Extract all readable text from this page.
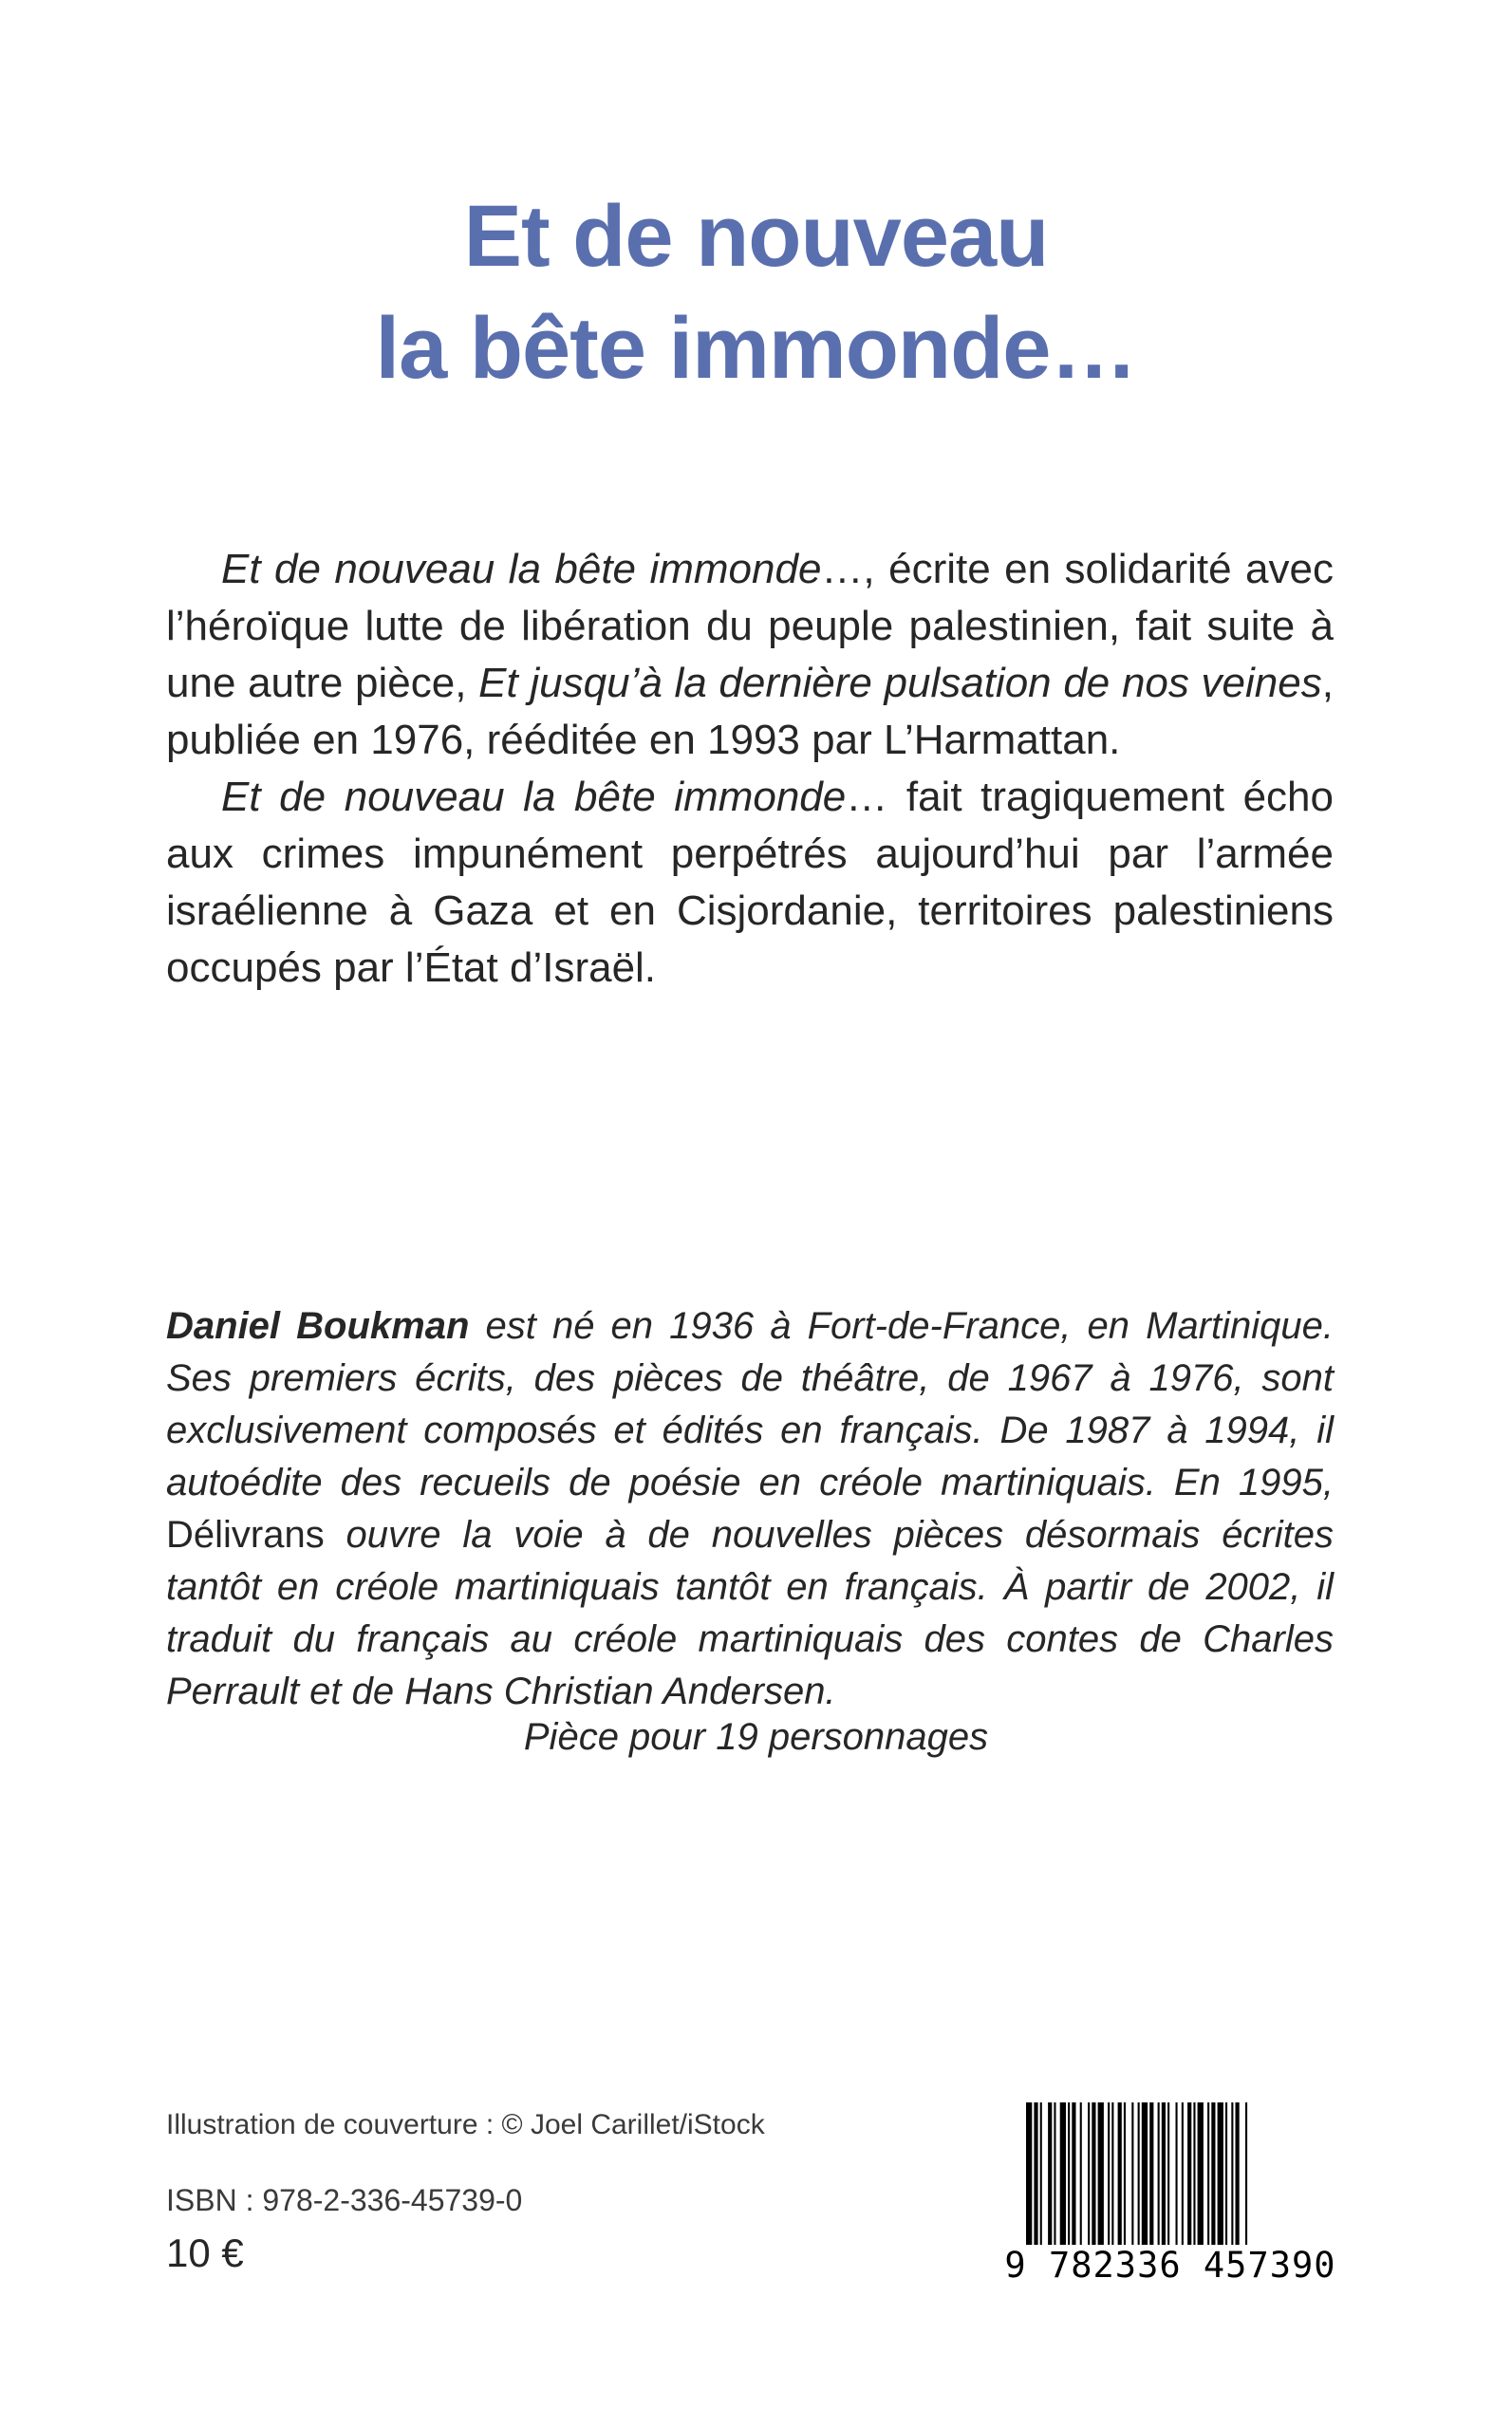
Et de nouveau
la bête immonde…

Et de nouveau la bête immonde…, écrite en solidarité avec l’héroïque lutte de libération du peuple palestinien, fait suite à une autre pièce, Et jusqu’à la dernière pulsation de nos veines, publiée en 1976, rééditée en 1993 par L’Harmattan.

Et de nouveau la bête immonde… fait tragiquement écho aux crimes impunément perpétrés aujourd’hui par l’armée israélienne à Gaza et en Cisjordanie, territoires palestiniens occupés par l’État d’Israël.

Daniel Boukman est né en 1936 à Fort-de-France, en Martinique. Ses premiers écrits, des pièces de théâtre, de 1967 à 1976, sont exclusivement composés et édités en français. De 1987 à 1994, il autoédite des recueils de poésie en créole martiniquais. En 1995, Délivrans ouvre la voie à de nouvelles pièces désormais écrites tantôt en créole martiniquais tantôt en français. À partir de 2002, il traduit du français au créole martiniquais des contes de Charles Perrault et de Hans Christian Andersen.
Pièce pour 19 personnages
Illustration de couverture : © Joel Carillet/iStock
ISBN : 978-2-336-45739-0
10 €	9 782336 457390
